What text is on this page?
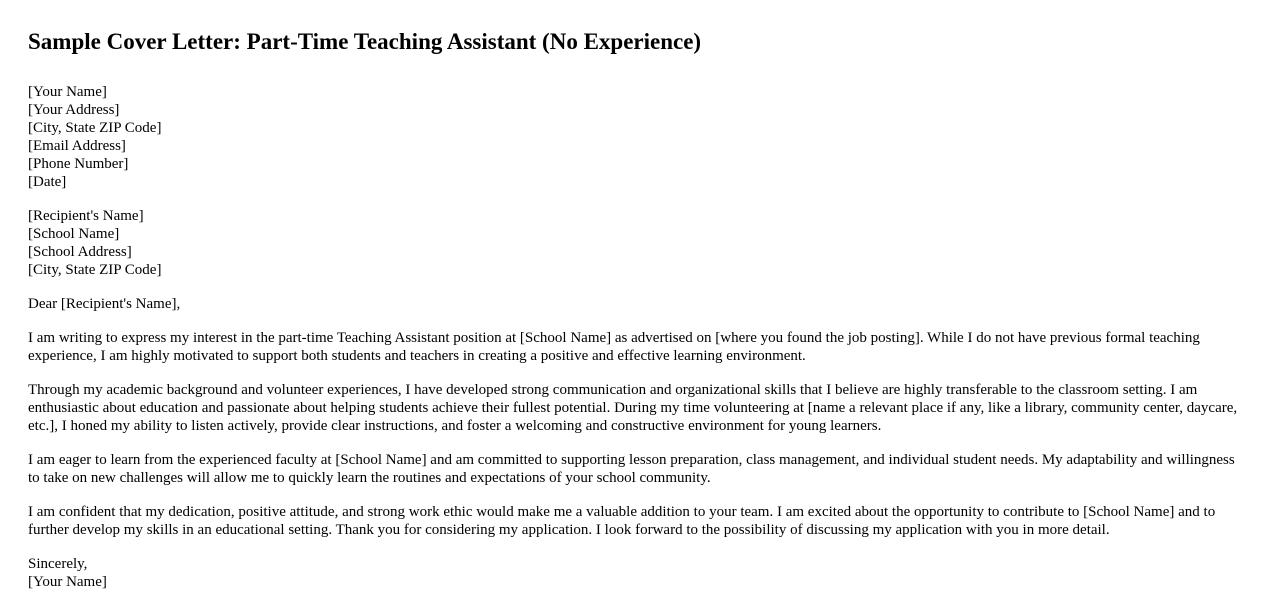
Sample Cover Letter: Part-Time Teaching Assistant (No Experience)
[Your Name]
[Your Address]
[City, State ZIP Code]
[Email Address]
[Phone Number]
[Date]
[Recipient's Name]
[School Name]
[School Address]
[City, State ZIP Code]

Dear [Recipient's Name],

I am writing to express my interest in the part-time Teaching Assistant position at [School Name] as advertised on [where you found the job posting]. While I do not have previous formal teaching experience, I am highly motivated to support both students and teachers in creating a positive and effective learning environment.

Through my academic background and volunteer experiences, I have developed strong communication and organizational skills that I believe are highly transferable to the classroom setting. I am enthusiastic about education and passionate about helping students achieve their fullest potential. During my time volunteering at [name a relevant place if any, like a library, community center, daycare, etc.], I honed my ability to listen actively, provide clear instructions, and foster a welcoming and constructive environment for young learners.

I am eager to learn from the experienced faculty at [School Name] and am committed to supporting lesson preparation, class management, and individual student needs. My adaptability and willingness to take on new challenges will allow me to quickly learn the routines and expectations of your school community.

I am confident that my dedication, positive attitude, and strong work ethic would make me a valuable addition to your team. I am excited about the opportunity to contribute to [School Name] and to further develop my skills in an educational setting. Thank you for considering my application. I look forward to the possibility of discussing my application with you in more detail.

Sincerely,
[Your Name]
